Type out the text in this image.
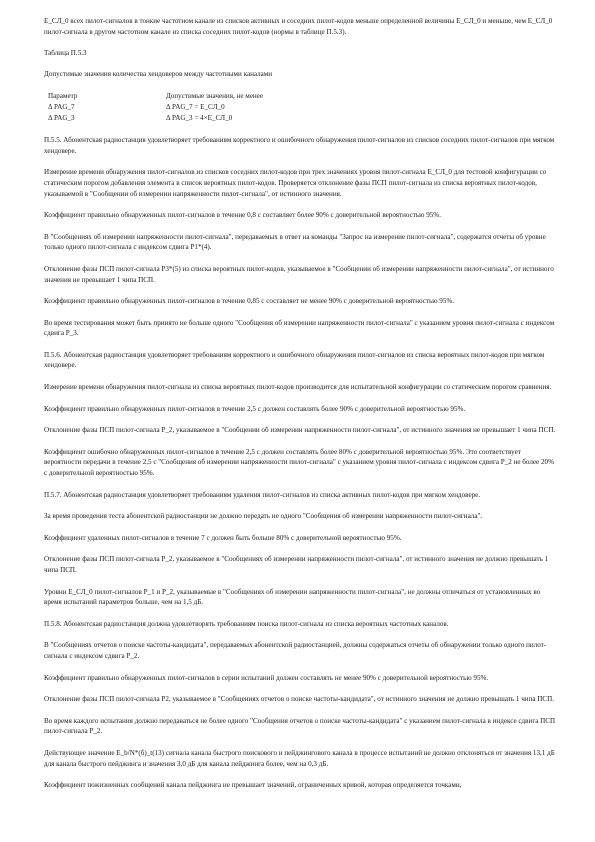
E_CЛ_0 всех пилот-сигналов в тонкие частотном канале из списков активных и соседних пилот-кодов меньше определенной величины E_CЛ_0 и меньше, чем E_CЛ_0 пилот-сигнала в другом частотном канале из списка соседних пилот-кодов (нормы в таблице П.5.3).

Таблица П.5.3

Допустимые значения количества хендоверов между частотными каналами

Параметр	Допустимые значения, не менее
Δ PAG_7	Δ PAG_7 = E_CЛ_0
Δ PAG_3	Δ PAG_3 = 4×E_CЛ_0

П.5.5. Абонентская радиостанция удовлетворяет требованиям корректного и ошибочного обнаружения пилот-сигналов из списков соседних пилот-сигналов при мягком хендовере.

Измерение времени обнаружения пилот-сигналов из списков соседних пилот-кодов при трех значениях уровня пилот-сигнала E_CЛ_0 для тестовой конфигурации со статическим порогом добавления элемента в список вероятных пилот-кодов. Проверяется отклонение фазы ПСП пилот-сигнала из списка вероятных пилот-кодов, указываемой в "Сообщении об измерении напряженности пилот-сигнала", от истинного значения.

Коэффициент правильно обнаруженных пилот-сигналов в течение 0,8 с составляет более 90% с доверительной вероятностью 95%.

В "Сообщениях об измерении напряженности пилот-сигнала", передаваемых в ответ на команды "Запрос на измерение пилот-сигнала", содержатся отчеты об уровне только одного пилот-сигнала с индексом сдвига P1*(4).

Отклонение фазы ПСП пилот-сигнала P3*(5) из списка вероятных пилот-кодов, указываемое в "Сообщении об измерении напряженности пилот-сигнала", от истинного значения не превышает 1 чипа ПСП.

Коэффициент правильно обнаруженных пилот-сигналов в течение 0,85 с составляет не менее 90% с доверительной вероятностью 95%.

Во время тестирования может быть принято не больше одного "Сообщения об измерении напряженности пилот-сигнала" с указанием уровня пилот-сигнала с индексом сдвига P_3.

П.5.6. Абонентская радиостанция удовлетворяет требованиям корректного и ошибочного обнаружения пилот-сигналов из списка вероятных пилот-кодов при мягком хендовере.

Измерение времени обнаружения пилот-сигнала из списка вероятных пилот-кодов производится для испытательной конфигурации со статическим порогом сравнения.

Коэффициент правильно обнаруженных пилот-сигналов в течение 2,5 с должен составлять более 90% с доверительной вероятностью 95%.

Отклонение фазы ПСП пилот-сигнала P_2, указываемое в "Сообщении об измерении напряженности пилот-сигнала", от истинного значения не превышает 1 чипа ПСП.

Коэффициент ошибочно обнаруженных пилот-сигналов в течение 2,5 с должен составлять более 80% с доверительной вероятностью 95%. Это соответствует вероятности передачи в течение 2,5 с "Сообщения об измерении напряженности пилот-сигнала" с указанием уровня пилот-сигнала с индексом сдвига P_2 не более 20% с доверительной вероятностью 95%.

П.5.7. Абонентская радиостанция удовлетворяет требованиям удаления пилот-сигналов из списка активных пилот-кодов при мягком хендовере.

За время проведения теста абонентской радиостанции не должно передать не одного "Сообщения об измерении напряженности пилот-сигнала".

Коэффициент удаленных пилот-сигналов в течение 7 с должен быть больше 80% с доверительной вероятностью 95%.

Отклонение фазы ПСП пилот-сигнала P_2, указываемое в "Сообщениях об измерении напряженности пилот-сигнала", от истинного значения не должно превышать 1 чипа ПСП.

Уровни E_CЛ_0 пилот-сигналов P_1 и P_2, указываемые в "Сообщениях об измерении напряженности пилот-сигнала", не должны отличаться от установленных во время испытаний параметров больше, чем на 1,5 дБ.

П.5.8. Абонентская радиостанция должна удовлетворять требованиям поиска пилот-сигнала из списка вероятных частотных каналов.

В "Сообщениях отчетов о поиске частоты-кандидата", передаваемых абонентской радиостанцией, должны содержаться отчеты об обнаружении только одного пилот-сигнала с индексом сдвига P_2.

Коэффициент правильно обнаруженных пилот-сигналов в серии испытаний должен составлять не менее 90% с доверительной вероятностью 95%.

Отклонение фазы ПСП пилот-сигнала P2, указываемое в "Сообщениях отчетов о поиске частоты-кандидата", от истинного значения не должно превышать 1 чипа ПСП.

Во время каждого испытания должно передаваться не более одного "Сообщения отчетов о поиске частоты-кандидата" с указанием пилот-сигнала в индексе сдвига ПСП пилот-сигнала P_2.

Действующее значение E_b/N*(б)_t(13) сигнала канала быстрого поискового и пейджингового канала в процессе испытаний не должно отклоняться от значения 13,1 дБ для канала быстрого пейджинга и значения 3,0 дБ для канала пейджинга более, чем на 0,3 дБ.

Коэффициент пожизненных сообщений канала пейджинга не превышает значений, ограниченных кривой, которая определяется точками,
